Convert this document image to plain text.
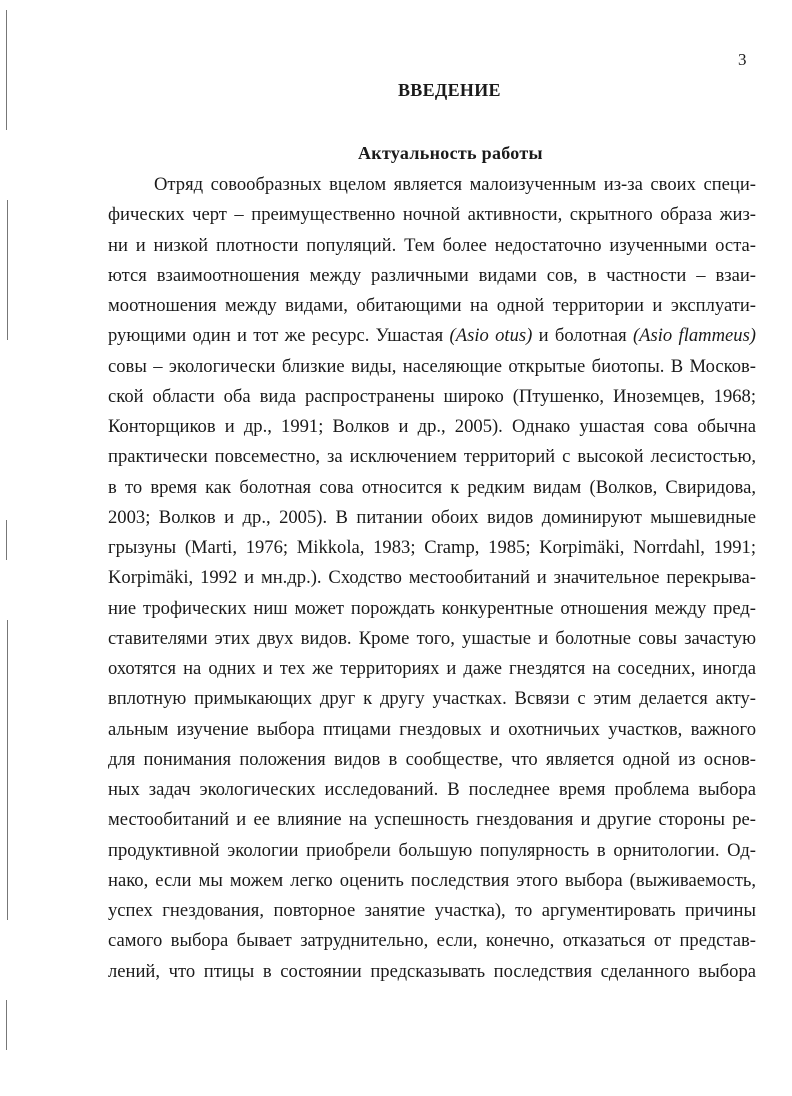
3
ВВЕДЕНИЕ
Актуальность работы
Отряд совообразных вцелом является малоизученным из-за своих специ-
фических черт – преимущественно ночной активности, скрытного образа жиз-
ни и низкой плотности популяций. Тем более недостаточно изученными оста-
ются взаимоотношения между различными видами сов, в частности – взаи-
моотношения между видами, обитающими на одной территории и эксплуати-
рующими один и тот же ресурс. Ушастая (Asio otus) и болотная (Asio flammeus)
совы – экологически близкие виды, населяющие открытые биотопы. В Москов-
ской области оба вида распространены широко (Птушенко, Иноземцев, 1968;
Конторщиков и др., 1991; Волков и др., 2005). Однако ушастая сова обычна
практически повсеместно, за исключением территорий с высокой лесистостью,
в то время как болотная сова относится к редким видам (Волков, Свиридова,
2003; Волков и др., 2005). В питании обоих видов доминируют мышевидные
грызуны (Marti, 1976; Mikkola, 1983; Cramp, 1985; Korpimäki, Norrdahl, 1991;
Korpimäki, 1992 и мн.др.). Сходство местообитаний и значительное перекрыва-
ние трофических ниш может порождать конкурентные отношения между пред-
ставителями этих двух видов. Кроме того, ушастые и болотные совы зачастую
охотятся на одних и тех же территориях и даже гнездятся на соседних, иногда
вплотную примыкающих друг к другу участках. Всвязи с этим делается акту-
альным изучение выбора птицами гнездовых и охотничьих участков, важного
для понимания положения видов в сообществе, что является одной из основ-
ных задач экологических исследований. В последнее время проблема выбора
местообитаний и ее влияние на успешность гнездования и другие стороны ре-
продуктивной экологии приобрели большую популярность в орнитологии. Од-
нако, если мы можем легко оценить последствия этого выбора (выживаемость,
успех гнездования, повторное занятие участка), то аргументировать причины
самого выбора бывает затруднительно, если, конечно, отказаться от представ-
лений, что птицы в состоянии предсказывать последствия сделанного выбора
